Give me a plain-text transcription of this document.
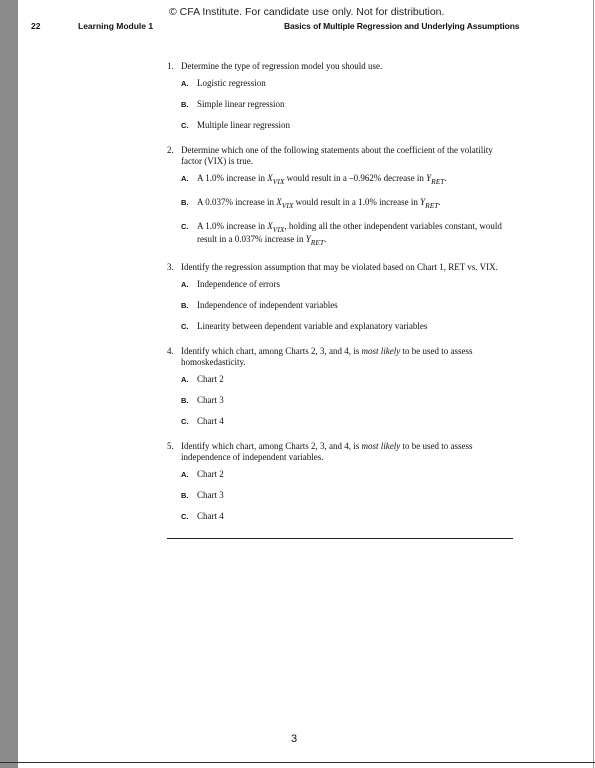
© CFA Institute. For candidate use only. Not for distribution.
22	Learning Module 1	Basics of Multiple Regression and Underlying Assumptions
1. Determine the type of regression model you should use.
A. Logistic regression
B. Simple linear regression
C. Multiple linear regression
2. Determine which one of the following statements about the coefficient of the volatility factor (VIX) is true.
A. A 1.0% increase in $X_{VIX}$ would result in a –0.962% decrease in $Y_{RET}$.
B. A 0.037% increase in $X_{VIX}$ would result in a 1.0% increase in $Y_{RET}$.
C. A 1.0% increase in $X_{VIX}$, holding all the other independent variables constant, would result in a 0.037% increase in $Y_{RET}$.
3. Identify the regression assumption that may be violated based on Chart 1, RET vs. VIX.
A. Independence of errors
B. Independence of independent variables
C. Linearity between dependent variable and explanatory variables
4. Identify which chart, among Charts 2, 3, and 4, is most likely to be used to assess homoskedasticity.
A. Chart 2
B. Chart 3
C. Chart 4
5. Identify which chart, among Charts 2, 3, and 4, is most likely to be used to assess independence of independent variables.
A. Chart 2
B. Chart 3
C. Chart 4
3
